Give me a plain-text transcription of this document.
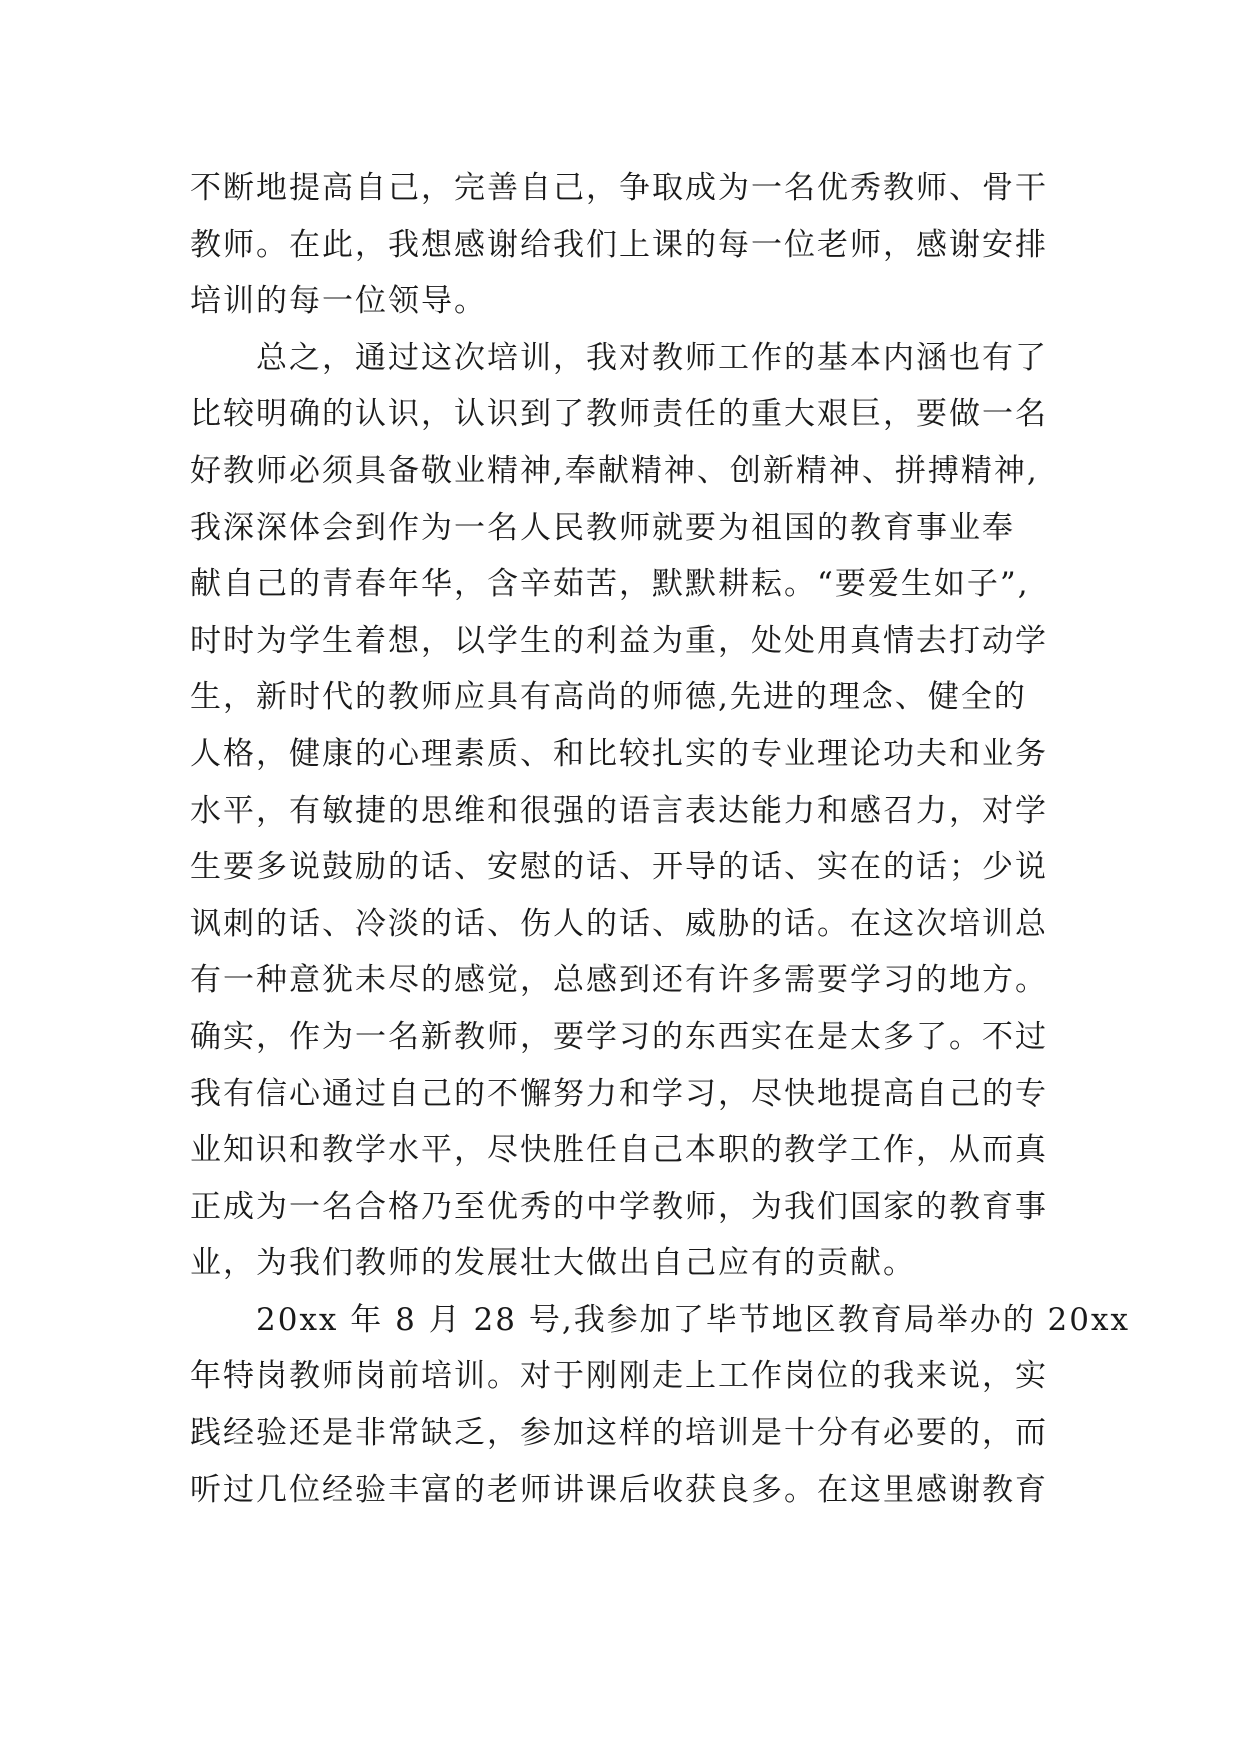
不断地提高自己，完善自己，争取成为一名优秀教师、骨干
教师。在此，我想感谢给我们上课的每一位老师，感谢安排
培训的每一位领导。
总之，通过这次培训，我对教师工作的基本内涵也有了
比较明确的认识，认识到了教师责任的重大艰巨，要做一名
好教师必须具备敬业精神,奉献精神、创新精神、拼搏精神,
我深深体会到作为一名人民教师就要为祖国的教育事业奉
献自己的青春年华，含辛茹苦，默默耕耘。“要爱生如子”,
时时为学生着想，以学生的利益为重，处处用真情去打动学
生，新时代的教师应具有高尚的师德,先进的理念、健全的
人格，健康的心理素质、和比较扎实的专业理论功夫和业务
水平，有敏捷的思维和很强的语言表达能力和感召力，对学
生要多说鼓励的话、安慰的话、开导的话、实在的话；少说
讽刺的话、冷淡的话、伤人的话、威胁的话。在这次培训总
有一种意犹未尽的感觉，总感到还有许多需要学习的地方。
确实，作为一名新教师，要学习的东西实在是太多了。不过
我有信心通过自己的不懈努力和学习，尽快地提高自己的专
业知识和教学水平，尽快胜任自己本职的教学工作，从而真
正成为一名合格乃至优秀的中学教师，为我们国家的教育事
业，为我们教师的发展壮大做出自己应有的贡献。
20xx 年 8 月 28 号,我参加了毕节地区教育局举办的 20xx
年特岗教师岗前培训。对于刚刚走上工作岗位的我来说，实
践经验还是非常缺乏，参加这样的培训是十分有必要的，而
听过几位经验丰富的老师讲课后收获良多。在这里感谢教育
